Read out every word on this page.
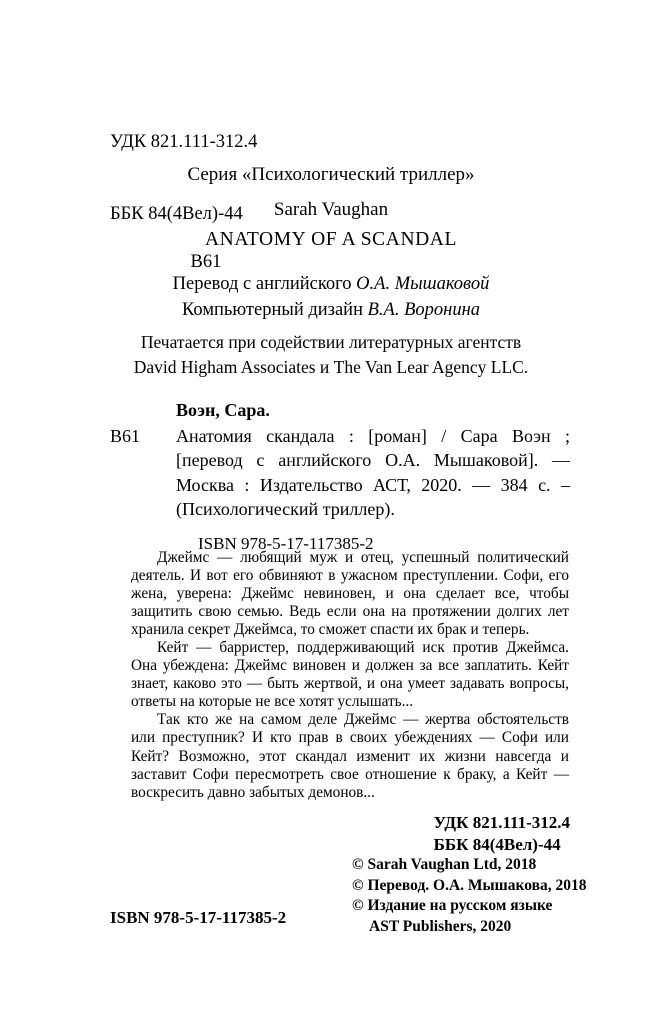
УДК 821.111-312.4

ББК 84(4Вел)-44

В61

Серия «Психологический триллер»
Sarah Vaughan
ANATOMY OF A SCANDAL
Перевод с английского О.А. Мышаковой
Компьютерный дизайн В.А. Воронина
Печатается при содействии литературных агентств
David Higham Associates и The Van Lear Agency LLC.
Воэн, Сара.
В61	Анатомия скандала : [роман] / Сара Воэн ; [перевод с английского О.А. Мышаковой]. — Москва : Издательство АСТ, 2020. — 384 с. – (Психологический триллер).

ISBN 978-5-17-117385-2

Джеймс — любящий муж и отец, успешный политический деятель. И вот его обвиняют в ужасном преступлении. Софи, его жена, уверена: Джеймс невиновен, и она сделает все, чтобы защитить свою семью. Ведь если она на протяжении долгих лет хранила секрет Джеймса, то сможет спасти их брак и теперь.

Кейт — барристер, поддерживающий иск против Джеймса. Она убеждена: Джеймс виновен и должен за все заплатить. Кейт знает, каково это — быть жертвой, и она умеет задавать вопросы, ответы на которые не все хотят услышать...

Так кто же на самом деле Джеймс — жертва обстоятельств или преступник? И кто прав в своих убеждениях — Софи или Кейт? Возможно, этот скандал изменит их жизни навсегда и заставит Софи пересмотреть свое отношение к браку, а Кейт — воскресить давно забытых демонов...

УДК 821.111-312.4
ББК 84(4Вел)-44
© Sarah Vaughan Ltd, 2018
© Перевод. О.А. Мышакова, 2018
© Издание на русском языке
AST Publishers, 2020
ISBN 978-5-17-117385-2
